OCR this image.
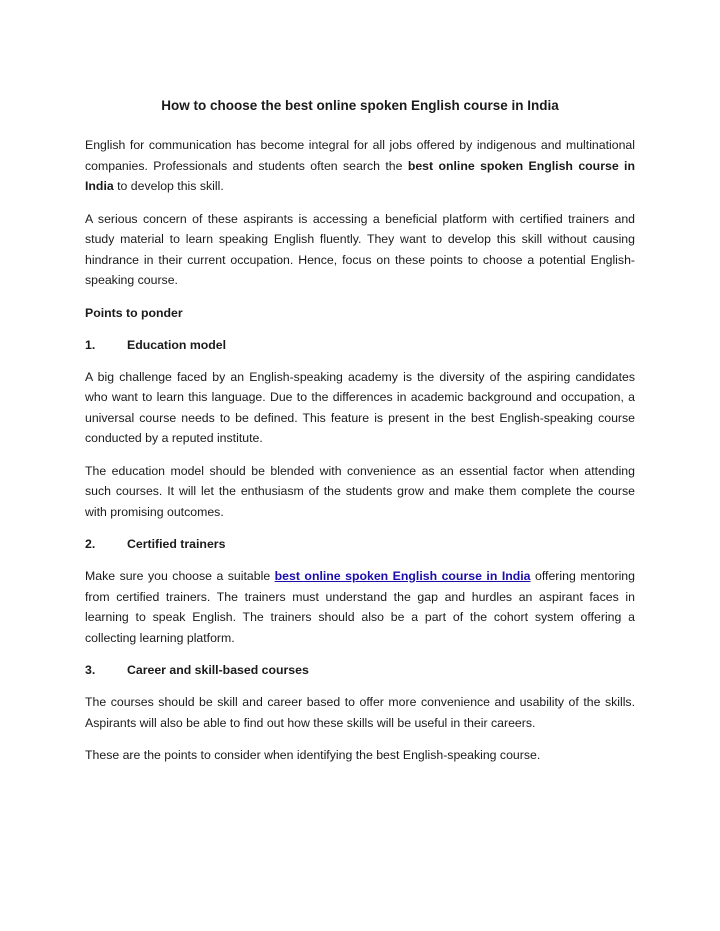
How to choose the best online spoken English course in India

English for communication has become integral for all jobs offered by indigenous and multinational companies. Professionals and students often search the best online spoken English course in India to develop this skill.

A serious concern of these aspirants is accessing a beneficial platform with certified trainers and study material to learn speaking English fluently. They want to develop this skill without causing hindrance in their current occupation. Hence, focus on these points to choose a potential English-speaking course.

Points to ponder
1.	Education model

A big challenge faced by an English-speaking academy is the diversity of the aspiring candidates who want to learn this language. Due to the differences in academic background and occupation, a universal course needs to be defined. This feature is present in the best English-speaking course conducted by a reputed institute.

The education model should be blended with convenience as an essential factor when attending such courses. It will let the enthusiasm of the students grow and make them complete the course with promising outcomes.

2.	Certified trainers

Make sure you choose a suitable best online spoken English course in India offering mentoring from certified trainers. The trainers must understand the gap and hurdles an aspirant faces in learning to speak English. The trainers should also be a part of the cohort system offering a collecting learning platform.

3.	Career and skill-based courses

The courses should be skill and career based to offer more convenience and usability of the skills. Aspirants will also be able to find out how these skills will be useful in their careers.

These are the points to consider when identifying the best English-speaking course.
